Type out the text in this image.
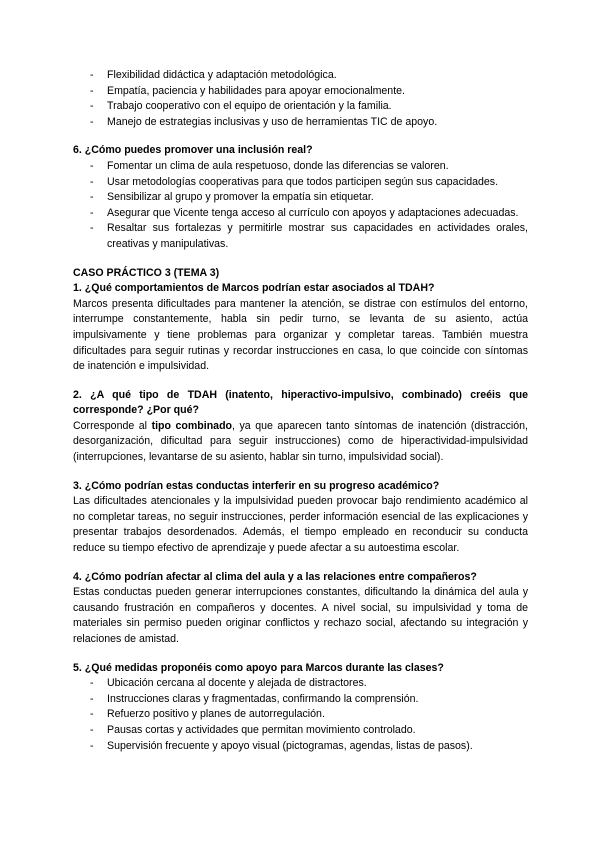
- Flexibilidad didáctica y adaptación metodológica.
- Empatía, paciencia y habilidades para apoyar emocionalmente.
- Trabajo cooperativo con el equipo de orientación y la familia.
- Manejo de estrategias inclusivas y uso de herramientas TIC de apoyo.

6. ¿Cómo puedes promover una inclusión real?

- Fomentar un clima de aula respetuoso, donde las diferencias se valoren.
- Usar metodologías cooperativas para que todos participen según sus capacidades.
- Sensibilizar al grupo y promover la empatía sin etiquetar.
- Asegurar que Vicente tenga acceso al currículo con apoyos y adaptaciones adecuadas.
- Resaltar sus fortalezas y permitirle mostrar sus capacidades en actividades orales, creativas y manipulativas.

CASO PRÁCTICO 3 (TEMA 3)

1. ¿Qué comportamientos de Marcos podrían estar asociados al TDAH?

Marcos presenta dificultades para mantener la atención, se distrae con estímulos del entorno, interrumpe constantemente, habla sin pedir turno, se levanta de su asiento, actúa impulsivamente y tiene problemas para organizar y completar tareas. También muestra dificultades para seguir rutinas y recordar instrucciones en casa, lo que coincide con síntomas de inatención e impulsividad.

2. ¿A qué tipo de TDAH (inatento, hiperactivo-impulsivo, combinado) creéis que corresponde? ¿Por qué?

Corresponde al tipo combinado, ya que aparecen tanto síntomas de inatención (distracción, desorganización, dificultad para seguir instrucciones) como de hiperactividad-impulsividad (interrupciones, levantarse de su asiento, hablar sin turno, impulsividad social).

3. ¿Cómo podrían estas conductas interferir en su progreso académico?

Las dificultades atencionales y la impulsividad pueden provocar bajo rendimiento académico al no completar tareas, no seguir instrucciones, perder información esencial de las explicaciones y presentar trabajos desordenados. Además, el tiempo empleado en reconducir su conducta reduce su tiempo efectivo de aprendizaje y puede afectar a su autoestima escolar.

4. ¿Cómo podrían afectar al clima del aula y a las relaciones entre compañeros?

Estas conductas pueden generar interrupciones constantes, dificultando la dinámica del aula y causando frustración en compañeros y docentes. A nivel social, su impulsividad y toma de materiales sin permiso pueden originar conflictos y rechazo social, afectando su integración y relaciones de amistad.

5. ¿Qué medidas proponéis como apoyo para Marcos durante las clases?

- Ubicación cercana al docente y alejada de distractores.
- Instrucciones claras y fragmentadas, confirmando la comprensión.
- Refuerzo positivo y planes de autorregulación.
- Pausas cortas y actividades que permitan movimiento controlado.
- Supervisión frecuente y apoyo visual (pictogramas, agendas, listas de pasos).
